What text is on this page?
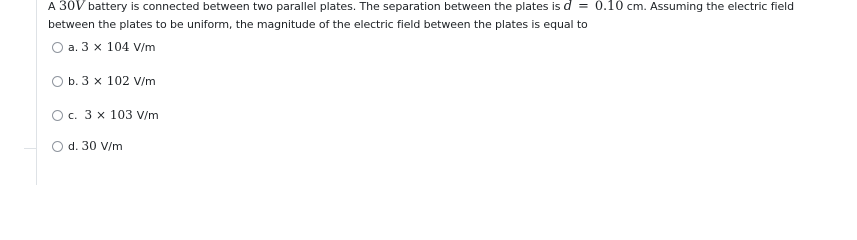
A 30V battery is connected between two parallel plates. The separation between the plates is d = 0.10 cm. Assuming the electric field
between the plates to be uniform, the magnitude of the electric field between the plates is equal to
a. 3 × 10 4 V/m
b. 3 × 10 2 V/m
c. 3 × 10 3 V/m
d. 30 V/m
